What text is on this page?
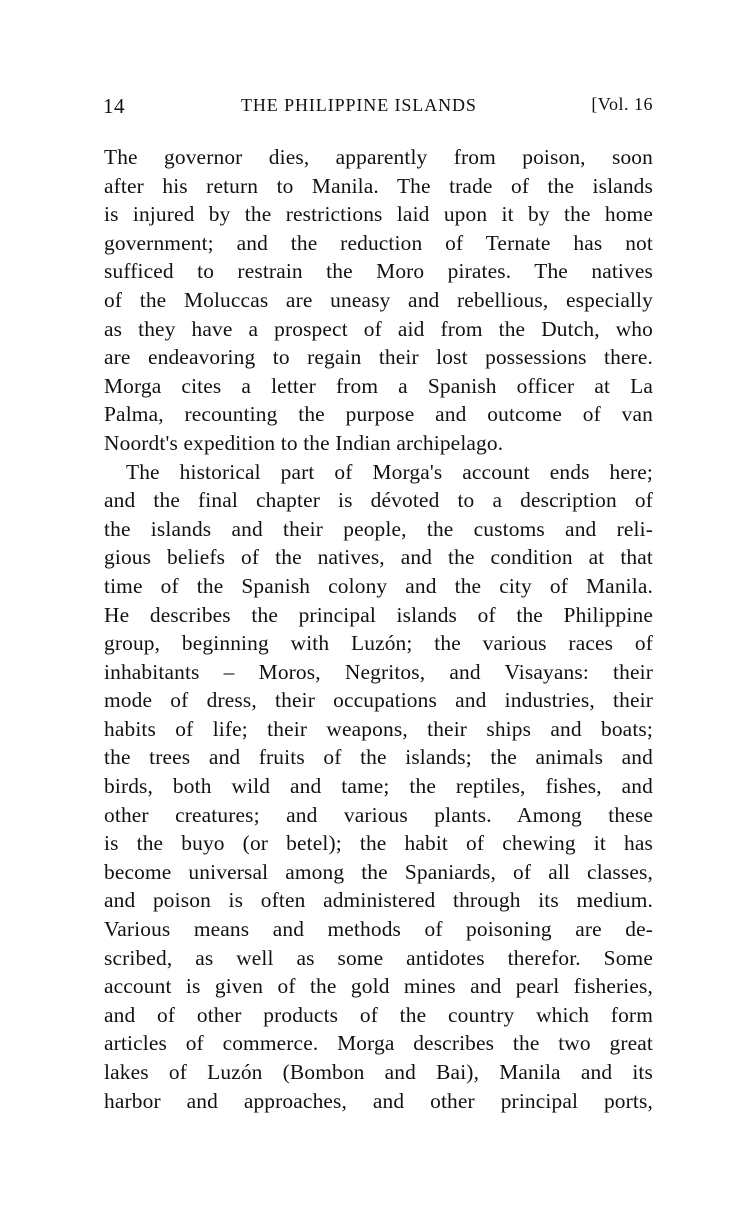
14	THE PHILIPPINE ISLANDS	[Vol. 16
The governor dies, apparently from poison, soon
after his return to Manila. The trade of the islands
is injured by the restrictions laid upon it by the home
government; and the reduction of Ternate has not
sufficed to restrain the Moro pirates. The natives
of the Moluccas are uneasy and rebellious, especially
as they have a prospect of aid from the Dutch, who
are endeavoring to regain their lost possessions there.
Morga cites a letter from a Spanish officer at La
Palma, recounting the purpose and outcome of van
Noordt's expedition to the Indian archipelago.
The historical part of Morga's account ends here;
and the final chapter is dévoted to a description of
the islands and their people, the customs and reli-
gious beliefs of the natives, and the condition at that
time of the Spanish colony and the city of Manila.
He describes the principal islands of the Philippine
group, beginning with Luzón; the various races of
inhabitants – Moros, Negritos, and Visayans: their
mode of dress, their occupations and industries, their
habits of life; their weapons, their ships and boats;
the trees and fruits of the islands; the animals and
birds, both wild and tame; the reptiles, fishes, and
other creatures; and various plants. Among these
is the buyo (or betel); the habit of chewing it has
become universal among the Spaniards, of all classes,
and poison is often administered through its medium.
Various means and methods of poisoning are de-
scribed, as well as some antidotes therefor. Some
account is given of the gold mines and pearl fisheries,
and of other products of the country which form
articles of commerce. Morga describes the two great
lakes of Luzón (Bombon and Bai), Manila and its
harbor and approaches, and other principal ports,
